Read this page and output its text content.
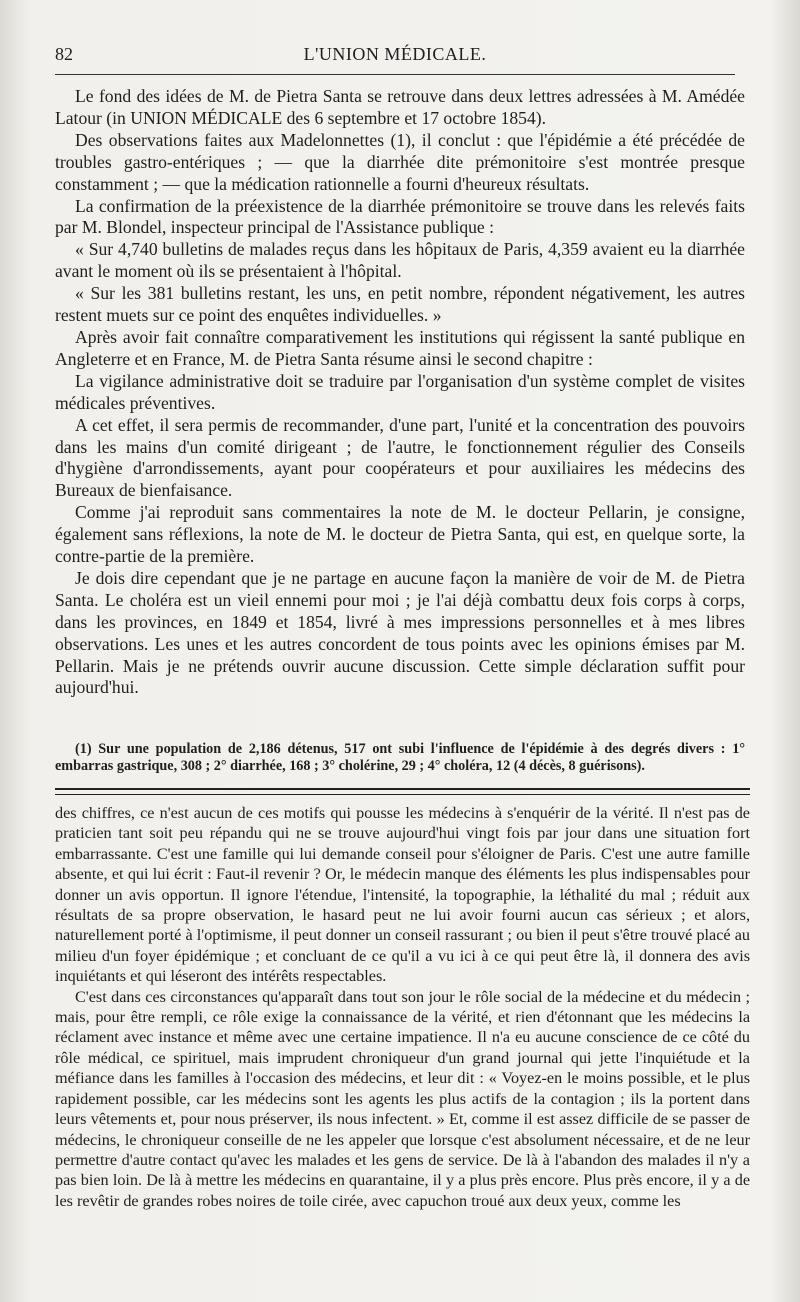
82	L'UNION MÉDICALE.

Le fond des idées de M. de Pietra Santa se retrouve dans deux lettres adressées à M. Amédée Latour (in UNION MÉDICALE des 6 septembre et 17 octobre 1854).

Des observations faites aux Madelonnettes (1), il conclut : que l'épidémie a été précédée de troubles gastro-entériques ; — que la diarrhée dite prémonitoire s'est montrée presque constamment ; — que la médication rationnelle a fourni d'heureux résultats.

La confirmation de la préexistence de la diarrhée prémonitoire se trouve dans les relevés faits par M. Blondel, inspecteur principal de l'Assistance publique :

« Sur 4,740 bulletins de malades reçus dans les hôpitaux de Paris, 4,359 avaient eu la diarrhée avant le moment où ils se présentaient à l'hôpital.

« Sur les 381 bulletins restant, les uns, en petit nombre, répondent négativement, les autres restent muets sur ce point des enquêtes individuelles. »

Après avoir fait connaître comparativement les institutions qui régissent la santé publique en Angleterre et en France, M. de Pietra Santa résume ainsi le second chapitre :

La vigilance administrative doit se traduire par l'organisation d'un système complet de visites médicales préventives.

A cet effet, il sera permis de recommander, d'une part, l'unité et la concentration des pouvoirs dans les mains d'un comité dirigeant ; de l'autre, le fonctionnement régulier des Conseils d'hygiène d'arrondissements, ayant pour coopérateurs et pour auxiliaires les médecins des Bureaux de bienfaisance.

Comme j'ai reproduit sans commentaires la note de M. le docteur Pellarin, je consigne, également sans réflexions, la note de M. le docteur de Pietra Santa, qui est, en quelque sorte, la contre-partie de la première.

Je dois dire cependant que je ne partage en aucune façon la manière de voir de M. de Pietra Santa. Le choléra est un vieil ennemi pour moi ; je l'ai déjà combattu deux fois corps à corps, dans les provinces, en 1849 et 1854, livré à mes impressions personnelles et à mes libres observations. Les unes et les autres concordent de tous points avec les opinions émises par M. Pellarin. Mais je ne prétends ouvrir aucune discussion. Cette simple déclaration suffit pour aujourd'hui.

(1) Sur une population de 2,186 détenus, 517 ont subi l'influence de l'épidémie à des degrés divers : 1° embarras gastrique, 308 ; 2° diarrhée, 168 ; 3° cholérine, 29 ; 4° choléra, 12 (4 décès, 8 guérisons).

des chiffres, ce n'est aucun de ces motifs qui pousse les médecins à s'enquérir de la vérité. Il n'est pas de praticien tant soit peu répandu qui ne se trouve aujourd'hui vingt fois par jour dans une situation fort embarrassante. C'est une famille qui lui demande conseil pour s'éloigner de Paris. C'est une autre famille absente, et qui lui écrit : Faut-il revenir ? Or, le médecin manque des éléments les plus indispensables pour donner un avis opportun. Il ignore l'étendue, l'intensité, la topographie, la léthalité du mal ; réduit aux résultats de sa propre observation, le hasard peut ne lui avoir fourni aucun cas sérieux ; et alors, naturellement porté à l'optimisme, il peut donner un conseil rassurant ; ou bien il peut s'être trouvé placé au milieu d'un foyer épidémique ; et concluant de ce qu'il a vu ici à ce qui peut être là, il donnera des avis inquiétants et qui léseront des intérêts respectables.

C'est dans ces circonstances qu'apparaît dans tout son jour le rôle social de la médecine et du médecin ; mais, pour être rempli, ce rôle exige la connaissance de la vérité, et rien d'étonnant que les médecins la réclament avec instance et même avec une certaine impatience. Il n'a eu aucune conscience de ce côté du rôle médical, ce spirituel, mais imprudent chroniqueur d'un grand journal qui jette l'inquiétude et la méfiance dans les familles à l'occasion des médecins, et leur dit : « Voyez-en le moins possible, et le plus rapidement possible, car les médecins sont les agents les plus actifs de la contagion ; ils la portent dans leurs vêtements et, pour nous préserver, ils nous infectent. » Et, comme il est assez difficile de se passer de médecins, le chroniqueur conseille de ne les appeler que lorsque c'est absolument nécessaire, et de ne leur permettre d'autre contact qu'avec les malades et les gens de service. De là à l'abandon des malades il n'y a pas bien loin. De là à mettre les médecins en quarantaine, il y a plus près encore. Plus près encore, il y a de les revêtir de grandes robes noires de toile cirée, avec capuchon troué aux deux yeux, comme les
